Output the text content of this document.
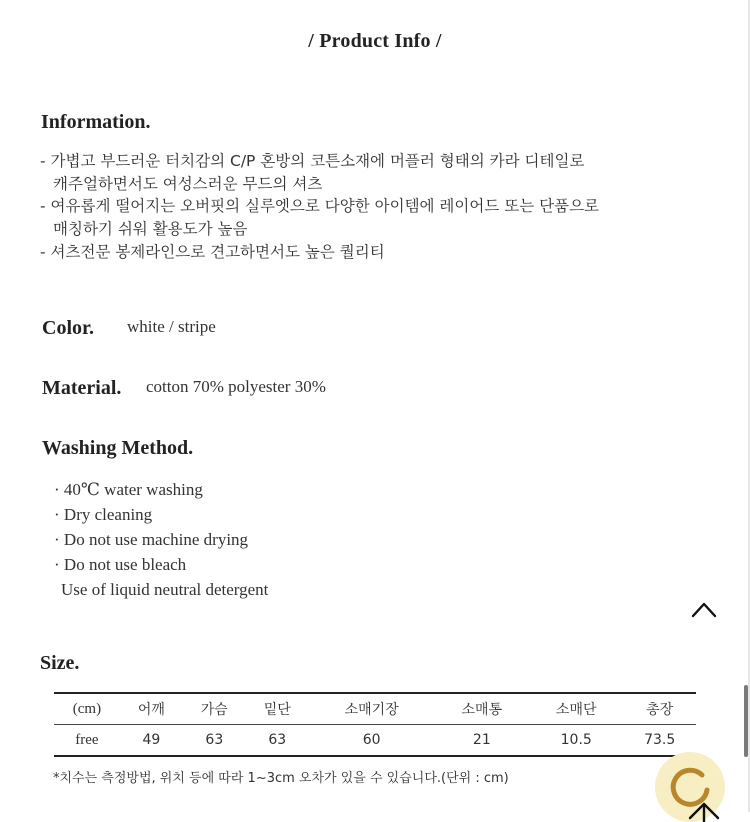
/ Product Info /
Information.
- 가볍고 부드러운 터치감의 C/P 혼방의 코튼소재에 머플러 형태의 카라 디테일로
캐주얼하면서도 여성스러운 무드의 셔츠
- 여유롭게 떨어지는 오버핏의 실루엣으로 다양한 아이템에 레이어드 또는 단품으로
매칭하기 쉬워 활용도가 높음
- 셔츠전문 봉제라인으로 견고하면서도 높은 퀄리티
Color. white / stripe
Material. cotton 70% polyester 30%
Washing Method.
· 40℃ water washing
· Dry cleaning
· Do not use machine drying
· Do not use bleach
Use of liquid neutral detergent
Size.
(cm)	어깨	가슴	밑단	소매기장	소매통	소매단	총장
free	49	63	63	60	21	10.5	73.5
*치수는 측정방법, 위치 등에 따라 1~3cm 오차가 있을 수 있습니다.(단위 : cm)
